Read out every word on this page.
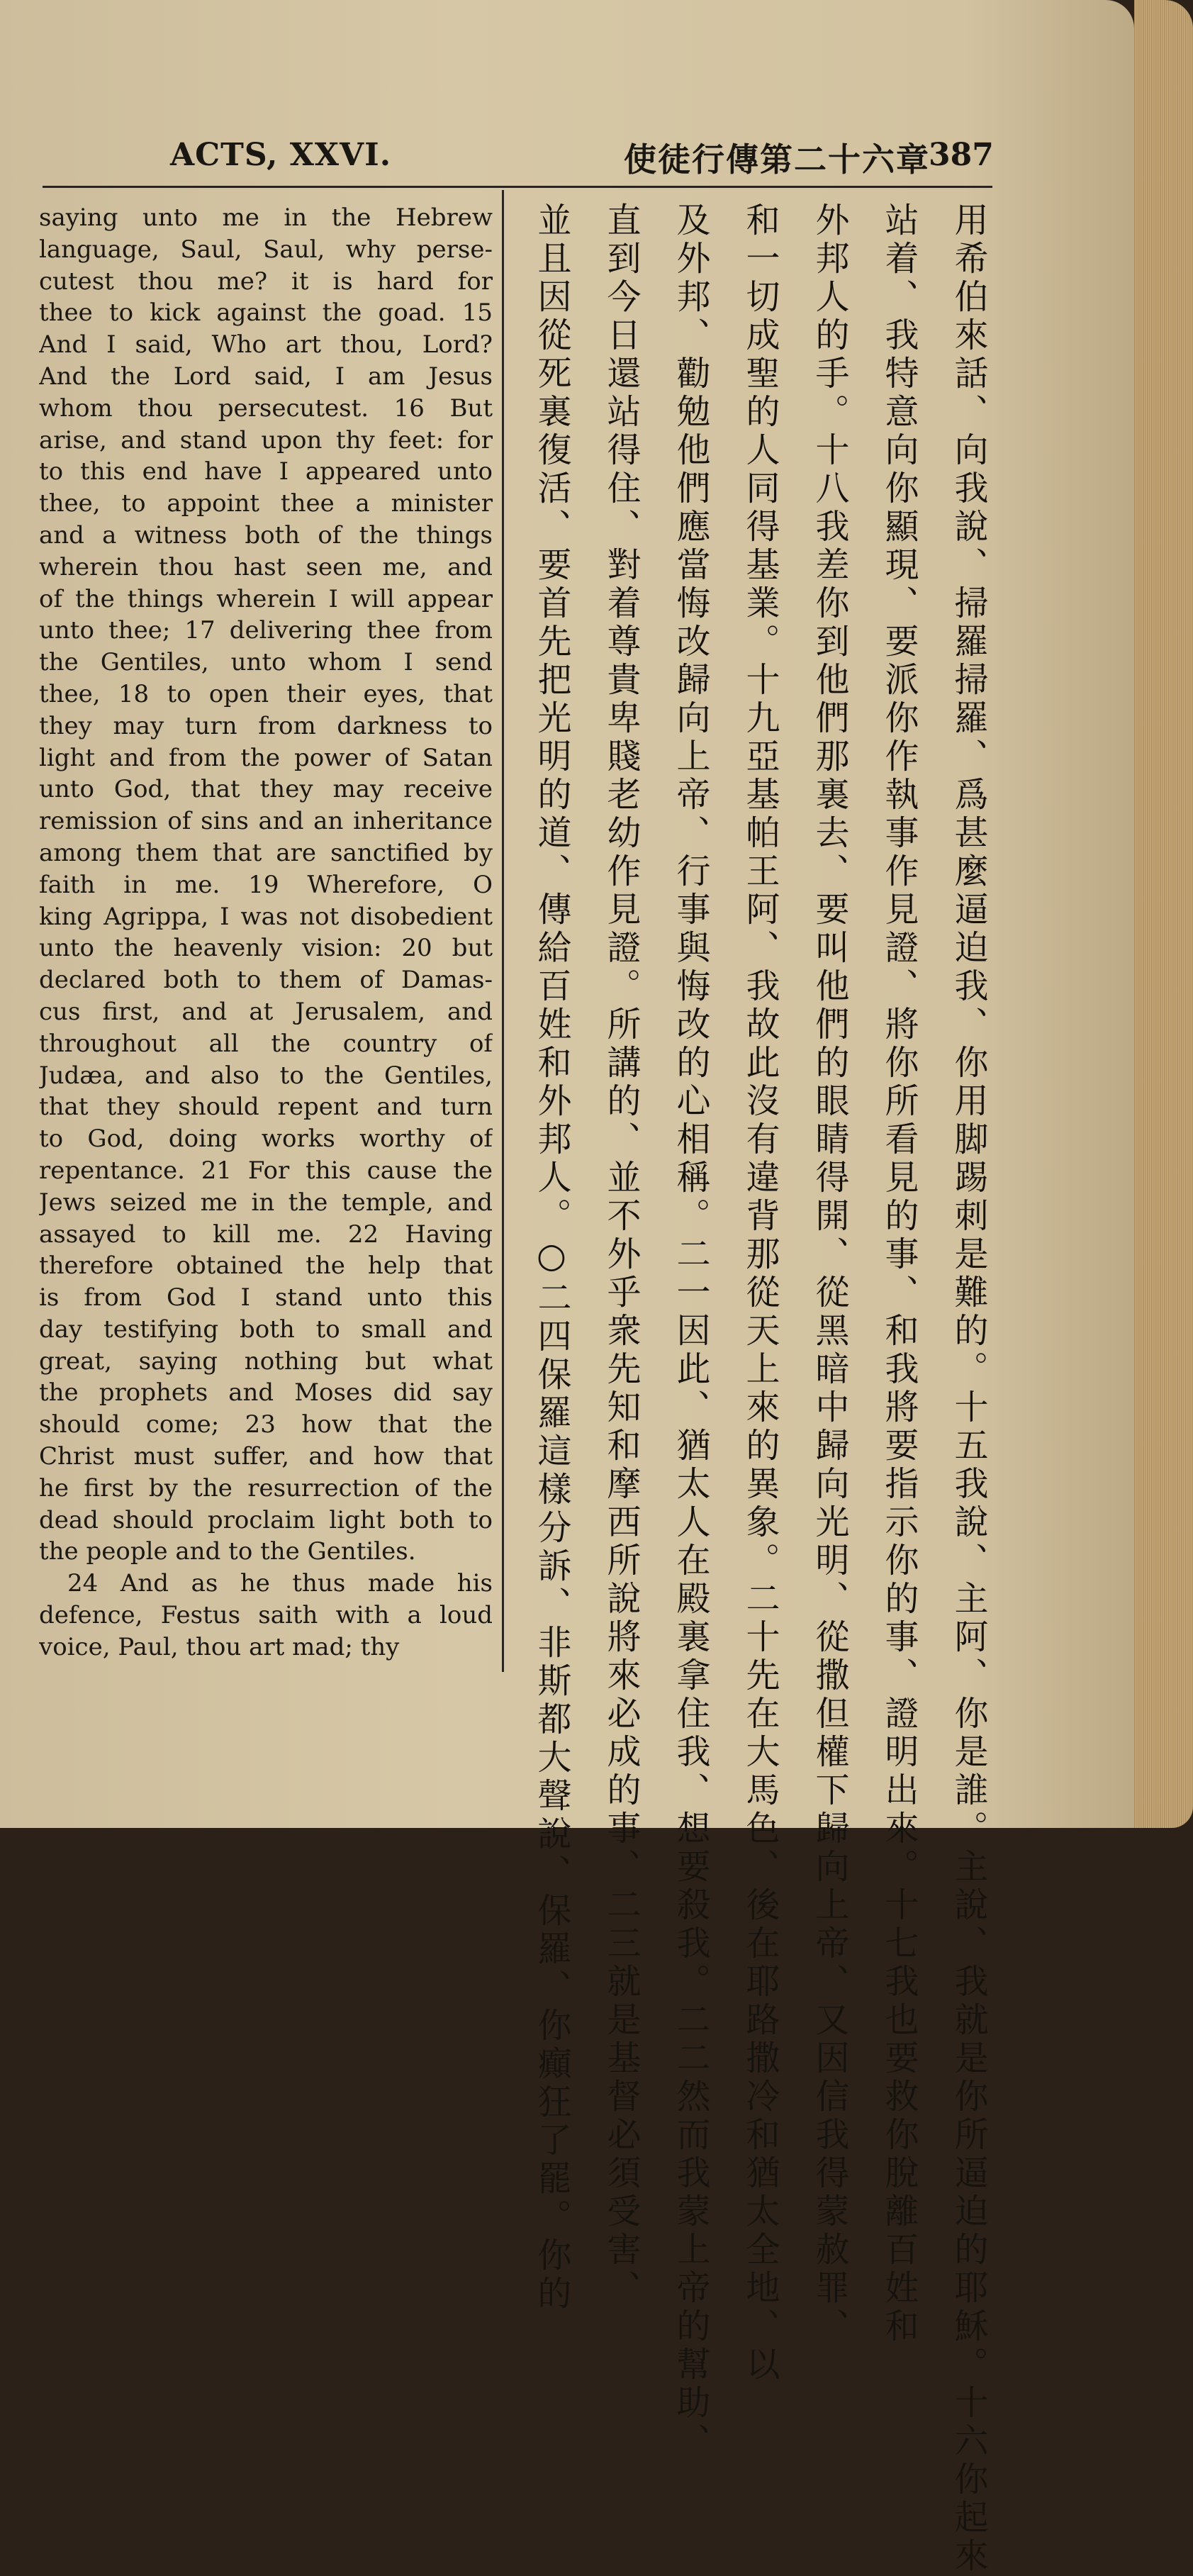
ACTS, XXVI.	使徒行傳第二十六章
387
saying unto me in the Hebrew
language, Saul, Saul, why perse-
cutest thou me? it is hard for
thee to kick against the goad. 15
And I said, Who art thou, Lord?
And the Lord said, I am Jesus
whom thou persecutest. 16 But
arise, and stand upon thy feet: for
to this end have I appeared unto
thee, to appoint thee a minister
and a witness both of the things
wherein thou hast seen me, and
of the things wherein I will appear
unto thee; 17 delivering thee from
the Gentiles, unto whom I send
thee, 18 to open their eyes, that
they may turn from darkness to
light and from the power of Satan
unto God, that they may receive
remission of sins and an inheritance
among them that are sanctified by
faith in me. 19 Wherefore, O
king Agrippa, I was not disobedient
unto the heavenly vision: 20 but
declared both to them of Damas-
cus first, and at Jerusalem, and
throughout all the country of
Judæa, and also to the Gentiles,
that they should repent and turn
to God, doing works worthy of
repentance. 21 For this cause the
Jews seized me in the temple, and
assayed to kill me. 22 Having
therefore obtained the help that
is from God I stand unto this
day testifying both to small and
great, saying nothing but what
the prophets and Moses did say
should come; 23 how that the
Christ must suffer, and how that
he first by the resurrection of the
dead should proclaim light both to
the people and to the Gentiles.
24 And as he thus made his
defence, Festus saith with a loud
voice, Paul, thou art mad; thy	用希伯來話、向我說、掃羅掃羅、爲甚麼逼迫我、你用脚踢刺是難的。十五我說、主阿、你是誰。主說、我就是你所逼迫的耶穌。十六你起來
站着、我特意向你顯現、要派你作執事作見證、將你所看見的事、和我將要指示你的事、證明出來。十七我也要救你脫離百姓和
外邦人的手。十八我差你到他們那裏去、要叫他們的眼睛得開、從黑暗中歸向光明、從撒但權下歸向上帝、又因信我得蒙赦罪、
和一切成聖的人同得基業。十九亞基帕王阿、我故此沒有違背那從天上來的異象。二十先在大馬色、後在耶路撒冷和猶太全地、以
及外邦、勸勉他們應當悔改歸向上帝、行事與悔改的心相稱。二一因此、猶太人在殿裏拿住我、想要殺我。二二然而我蒙上帝的幫助、
直到今日還站得住、對着尊貴卑賤老幼作見證。所講的、並不外乎衆先知和摩西所說將來必成的事、二三就是基督必須受害、
並且因從死裏復活、要首先把光明的道、傳給百姓和外邦人。○二四保羅這樣分訴、非斯都大聲說、保羅、你癲狂了罷。你的
